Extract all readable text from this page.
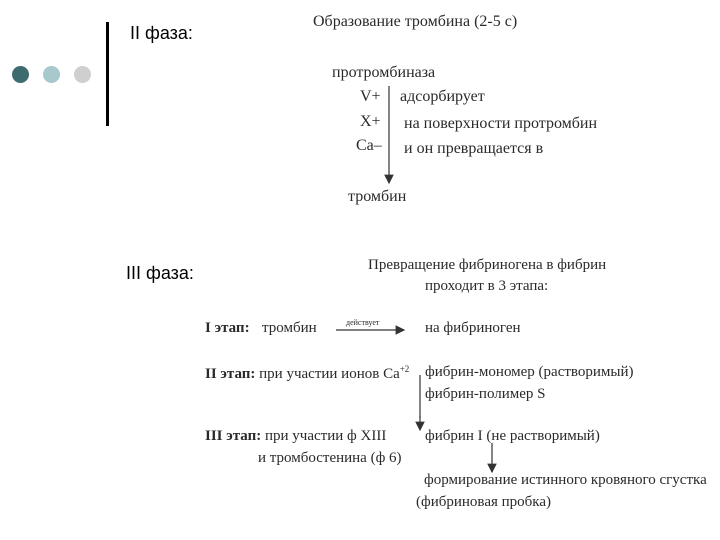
II фаза:
Образование тромбина (2-5 с)
протромбиназа
V+
X+
Ca–
адсорбирует
на поверхности протромбин
и он превращается в
тромбин
III фаза:	Превращение фибриногена в фибрин
проходит в 3 этапа:
I этап: тромбин	действует	на фибриноген
II этап: при участии ионов $Са^{+2}$ фибрин-мономер (растворимый)
фибрин-полимер S
III этап: при участии ф XIII
и тромбостенина (ф 6)
фибрин I (не растворимый)
формирование истинного кровяного сгустка
(фибриновая пробка)
